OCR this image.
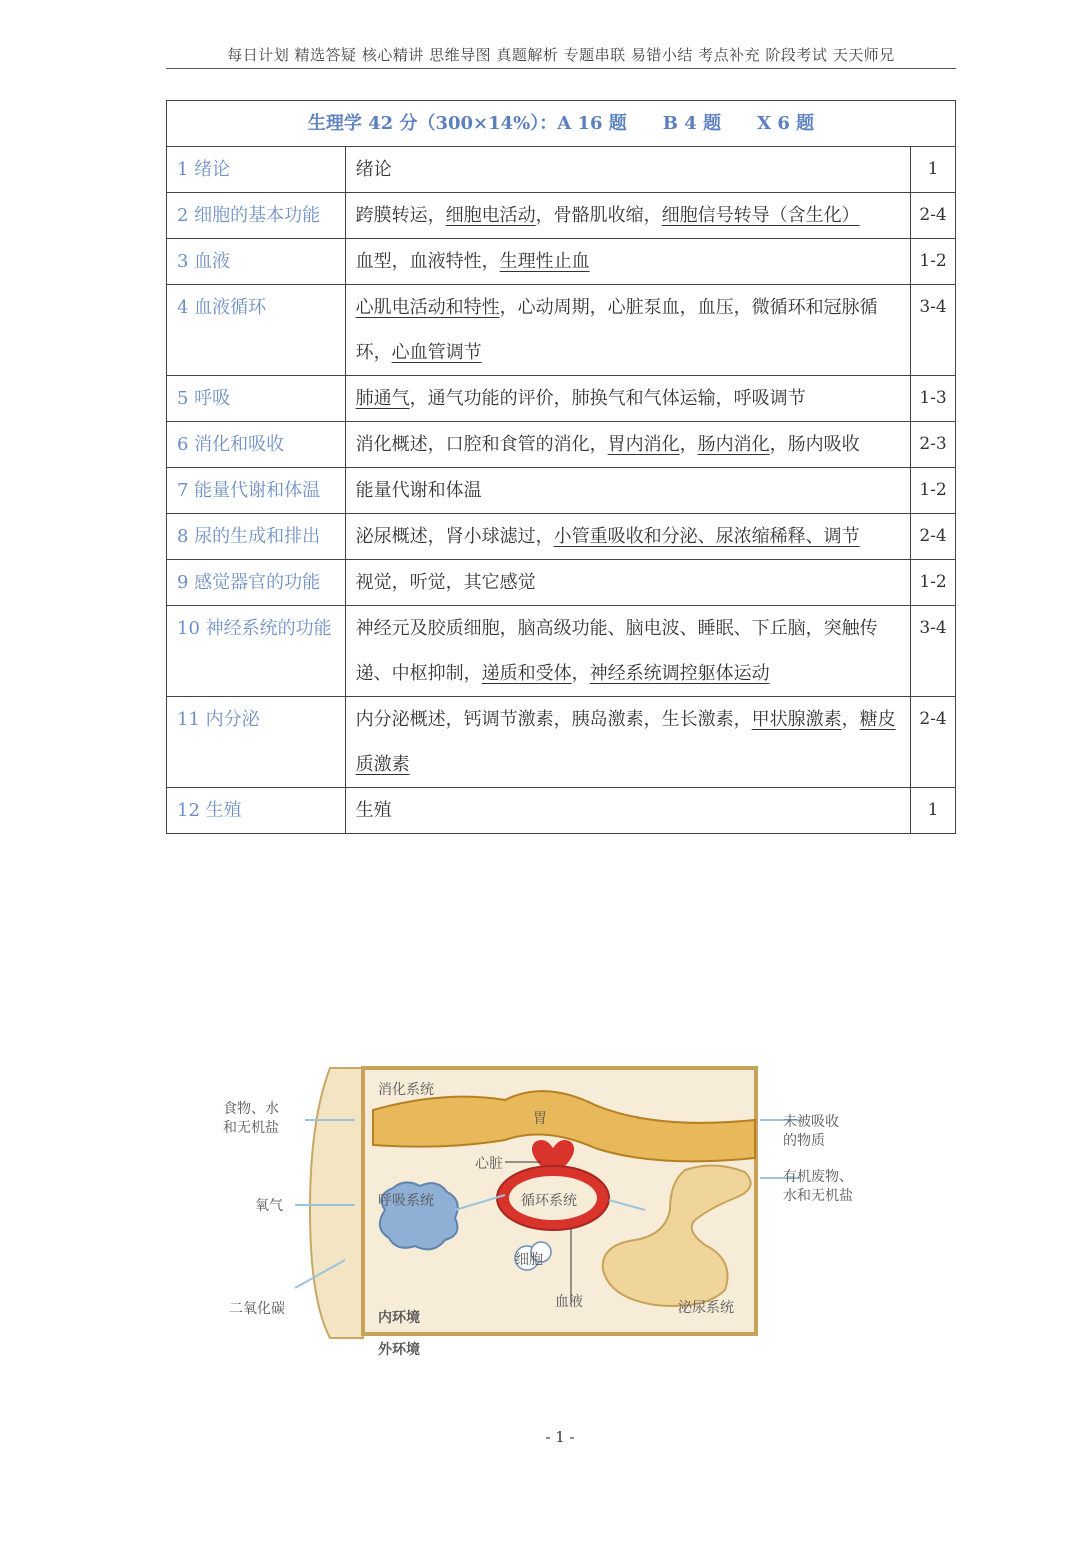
每日计划 精选答疑 核心精讲 思维导图 真题解析 专题串联 易错小结 考点补充 阶段考试 天天师兄
生理学 42 分（300×14%）：A 16 题　　B 4 题　　X 6 题		
1 绪论	绪论	1
2 细胞的基本功能	跨膜转运，细胞电活动，骨骼肌收缩，细胞信号转导（含生化）	2-4
3 血液	血型，血液特性，生理性止血	1-2
4 血液循环	心肌电活动和特性，心动周期，心脏泵血，血压，微循环和冠脉循环，心血管调节	3-4
5 呼吸	肺通气，通气功能的评价，肺换气和气体运输，呼吸调节	1-3
6 消化和吸收	消化概述，口腔和食管的消化，胃内消化，肠内消化，肠内吸收	2-3
7 能量代谢和体温	能量代谢和体温	1-2
8 尿的生成和排出	泌尿概述，肾小球滤过，小管重吸收和分泌、尿浓缩稀释、调节	2-4
9 感觉器官的功能	视觉，听觉，其它感觉	1-2
10 神经系统的功能	神经元及胶质细胞，脑高级功能、脑电波、睡眠、下丘脑，突触传递、中枢抑制，递质和受体，神经系统调控躯体运动	3-4
11 内分泌	内分泌概述，钙调节激素，胰岛激素，生长激素，甲状腺激素，糖皮质激素	2-4
12 生殖	生殖	1
消化系统
胃
食物、水
和无机盐
氧气
二氧化碳
心脏
呼吸系统	循环系统
细胞
血液	泌尿系统
内环境
外环境
未被吸收
的物质
有机废物、
水和无机盐
- 1 -
